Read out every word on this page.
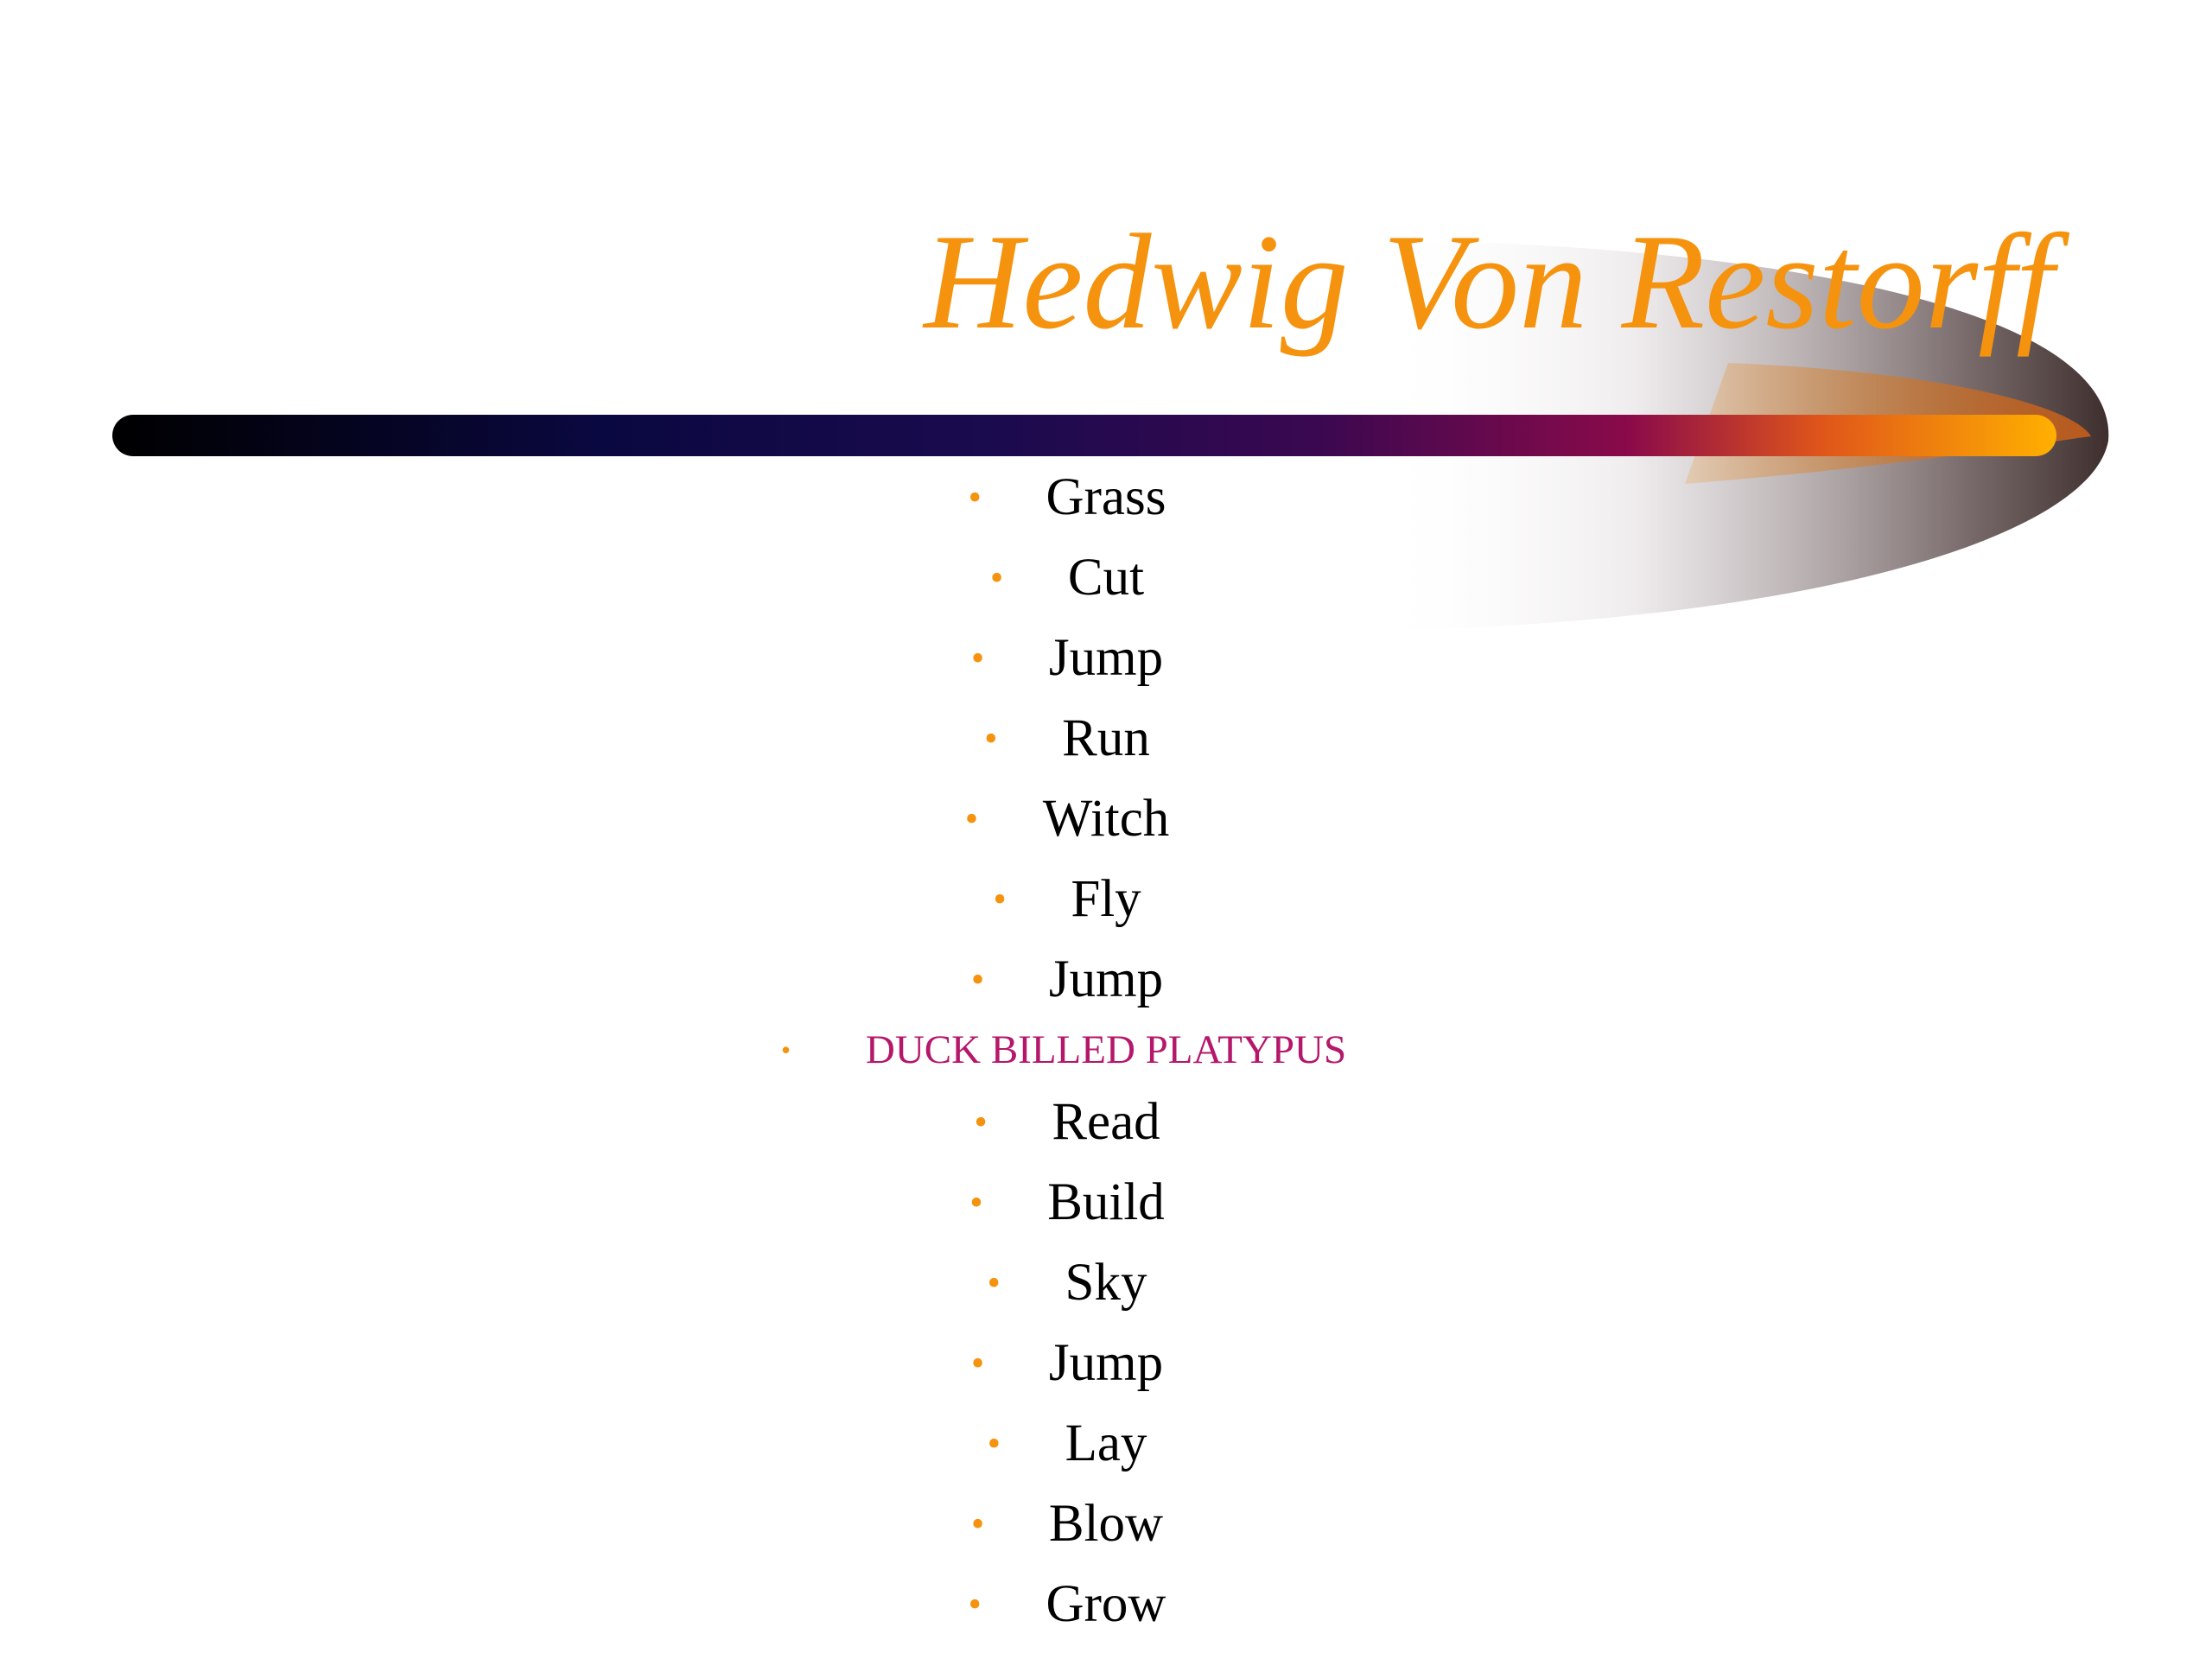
Hedwig Von Restorff
• Grass
• Cut
• Jump
• Run
• Witch
• Fly
• Jump
• DUCK BILLED PLATYPUS
• Read
• Build
• Sky
• Jump
• Lay
• Blow
• Grow
